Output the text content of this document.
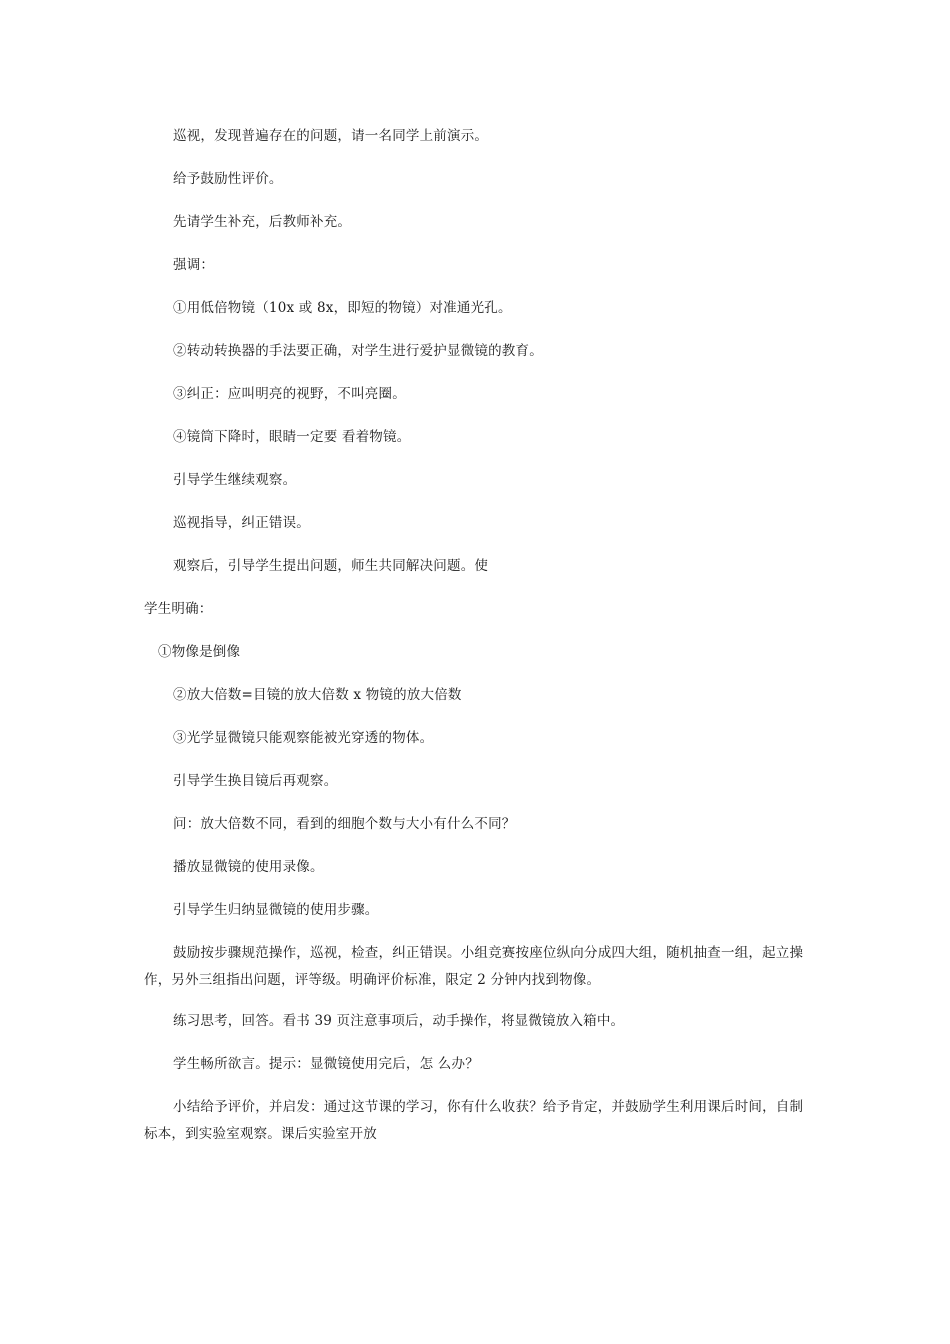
巡视，发现普遍存在的问题，请一名同学上前演示。

给予鼓励性评价。

先请学生补充，后教师补充。

强调：

①用低倍物镜（10x 或 8x，即短的物镜）对准通光孔。

②转动转换器的手法要正确，对学生进行爱护显微镜的教育。

③纠正：应叫明亮的视野，不叫亮圈。

④镜筒下降时，眼睛一定要 看着物镜。

引导学生继续观察。

巡视指导，纠正错误。

观察后，引导学生提出问题，师生共同解决问题。使

学生明确：

①物像是倒像

②放大倍数=目镜的放大倍数 x 物镜的放大倍数

③光学显微镜只能观察能被光穿透的物体。

引导学生换目镜后再观察。

问：放大倍数不同，看到的细胞个数与大小有什么不同？

播放显微镜的使用录像。

引导学生归纳显微镜的使用步骤。

鼓励按步骤规范操作，巡视，检查，纠正错误。小组竞赛按座位纵向分成四大组，随机抽查一组，起立操作，另外三组指出问题，评等级。明确评价标准，限定 2 分钟内找到物像。

练习思考，回答。看书 39 页注意事项后，动手操作，将显微镜放入箱中。

学生畅所欲言。提示：显微镜使用完后，怎 么办？

小结给予评价，并启发：通过这节课的学习，你有什么收获？给予肯定，并鼓励学生利用课后时间，自制标本，到实验室观察。课后实验室开放
